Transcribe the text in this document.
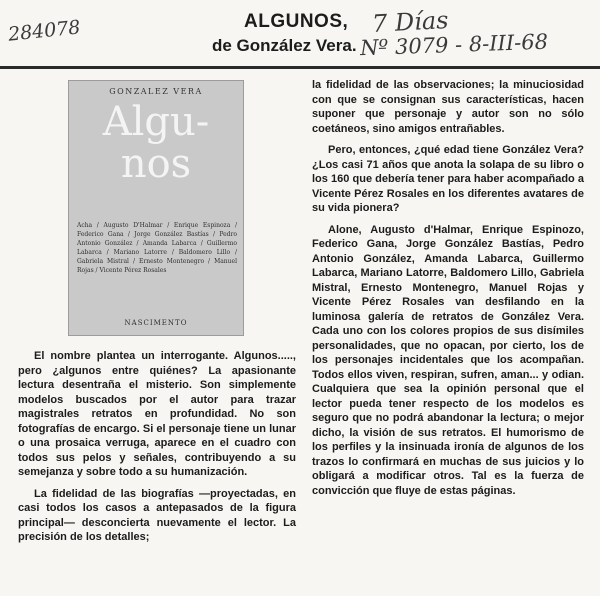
284078	7 Días
Nº 3079 - 8-III-68
ALGUNOS,
de González Vera.
GONZALEZ VERA
Algu-
nos
Acha / Augusto D'Halmar / Enrique Espinoza / Federico Gana / Jorge González Bastías / Pedro Antonio González / Amanda Labarca / Guillermo Labarca / Mariano Latorre / Baldomero Lillo / Gabriela Mistral / Ernesto Montenegro / Manuel Rojas / Vicente Pérez Rosales
NASCIMENTO

El nombre plantea un interrogante. Algunos....., pero ¿algunos entre quiénes? La apasionante lectura desentraña el misterio. Son simplemente modelos buscados por el autor para trazar magistrales retratos en profundidad. No son fotografías de encargo. Si el personaje tiene un lunar o una prosaica verruga, aparece en el cuadro con todos sus pelos y señales, contribuyendo a su semejanza y sobre todo a su humanización.

La fidelidad de las biografías —proyectadas, en casi todos los casos a antepasados de la figura principal— desconcierta nuevamente el lector. La precisión de los detalles;

la fidelidad de las observaciones; la minuciosidad con que se consignan sus características, hacen suponer que personaje y autor son no sólo coetáneos, sino amigos entrañables.

Pero, entonces, ¿qué edad tiene González Vera? ¿Los casi 71 años que anota la solapa de su libro o los 160 que debería tener para haber acompañado a Vicente Pérez Rosales en los diferentes avatares de su vida pionera?

Alone, Augusto d'Halmar, Enrique Espinozo, Federico Gana, Jorge González Bastías, Pedro Antonio González, Amanda Labarca, Guillermo Labarca, Mariano Latorre, Baldomero Lillo, Gabriela Mistral, Ernesto Montenegro, Manuel Rojas y Vicente Pérez Rosales van desfilando en la luminosa galería de retratos de González Vera. Cada uno con los colores propios de sus disímiles personalidades, que no opacan, por cierto, los de los personajes incidentales que los acompañan. Todos ellos viven, respiran, sufren, aman... y odian. Cualquiera que sea la opinión personal que el lector pueda tener respecto de los modelos es seguro que no podrá abandonar la lectura; o mejor dicho, la visión de sus retratos. El humorismo de los perfiles y la insinuada ironía de algunos de los trazos lo confirmará en muchas de sus juicios y lo obligará a modificar otros. Tal es la fuerza de convicción que fluye de estas páginas.
